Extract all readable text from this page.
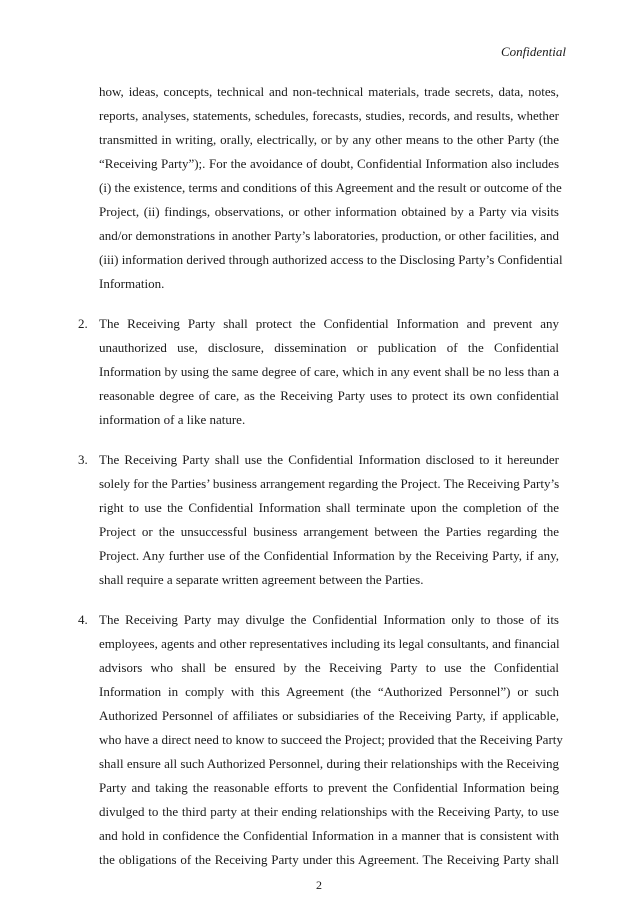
Confidential
how, ideas, concepts, technical and non-technical materials, trade secrets, data, notes,
reports, analyses, statements, schedules, forecasts, studies, records, and results, whether
transmitted in writing, orally, electrically, or by any other means to the other Party (the
“Receiving Party”);. For the avoidance of doubt, Confidential Information also includes
(i) the existence, terms and conditions of this Agreement and the result or outcome of the
Project, (ii) findings, observations, or other information obtained by a Party via visits
and/or demonstrations in another Party’s laboratories, production, or other facilities, and
(iii) information derived through authorized access to the Disclosing Party’s Confidential
Information.
2. The Receiving Party shall protect the Confidential Information and prevent any
unauthorized use, disclosure, dissemination or publication of the Confidential
Information by using the same degree of care, which in any event shall be no less than a
reasonable degree of care, as the Receiving Party uses to protect its own confidential
information of a like nature.
3. The Receiving Party shall use the Confidential Information disclosed to it hereunder
solely for the Parties’ business arrangement regarding the Project. The Receiving Party’s
right to use the Confidential Information shall terminate upon the completion of the
Project or the unsuccessful business arrangement between the Parties regarding the
Project. Any further use of the Confidential Information by the Receiving Party, if any,
shall require a separate written agreement between the Parties.
4. The Receiving Party may divulge the Confidential Information only to those of its
employees, agents and other representatives including its legal consultants, and financial
advisors who shall be ensured by the Receiving Party to use the Confidential
Information in comply with this Agreement (the “Authorized Personnel”) or such
Authorized Personnel of affiliates or subsidiaries of the Receiving Party, if applicable,
who have a direct need to know to succeed the Project; provided that the Receiving Party
shall ensure all such Authorized Personnel, during their relationships with the Receiving
Party and taking the reasonable efforts to prevent the Confidential Information being
divulged to the third party at their ending relationships with the Receiving Party, to use
and hold in confidence the Confidential Information in a manner that is consistent with
the obligations of the Receiving Party under this Agreement. The Receiving Party shall
2
